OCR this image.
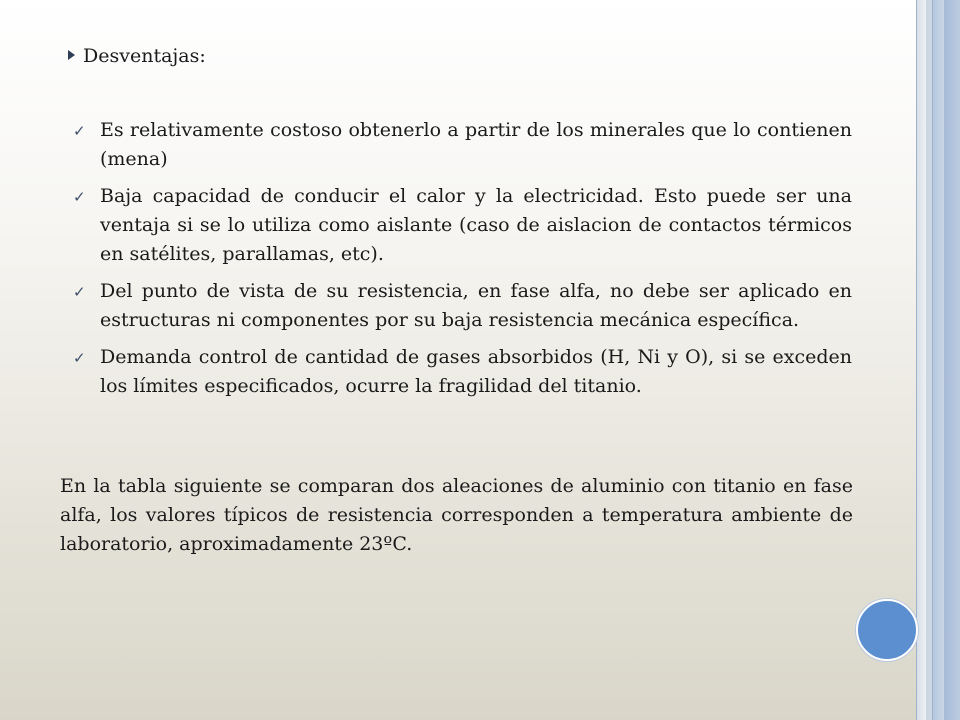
Desventajas:
✓ Es relativamente costoso obtenerlo a partir de los minerales que lo contienen (mena)
✓ Baja capacidad de conducir el calor y la electricidad. Esto puede ser una ventaja si se lo utiliza como aislante (caso de aislacion de contactos térmicos en satélites, parallamas, etc).
✓ Del punto de vista de su resistencia, en fase alfa, no debe ser aplicado en estructuras ni componentes por su baja resistencia mecánica específica.
✓ Demanda control de cantidad de gases absorbidos (H, Ni y O), si se exceden los límites especificados, ocurre la fragilidad del titanio.

En la tabla siguiente se comparan dos aleaciones de aluminio con titanio en fase alfa, los valores típicos de resistencia corresponden a temperatura ambiente de laboratorio, aproximadamente 23ºC.
